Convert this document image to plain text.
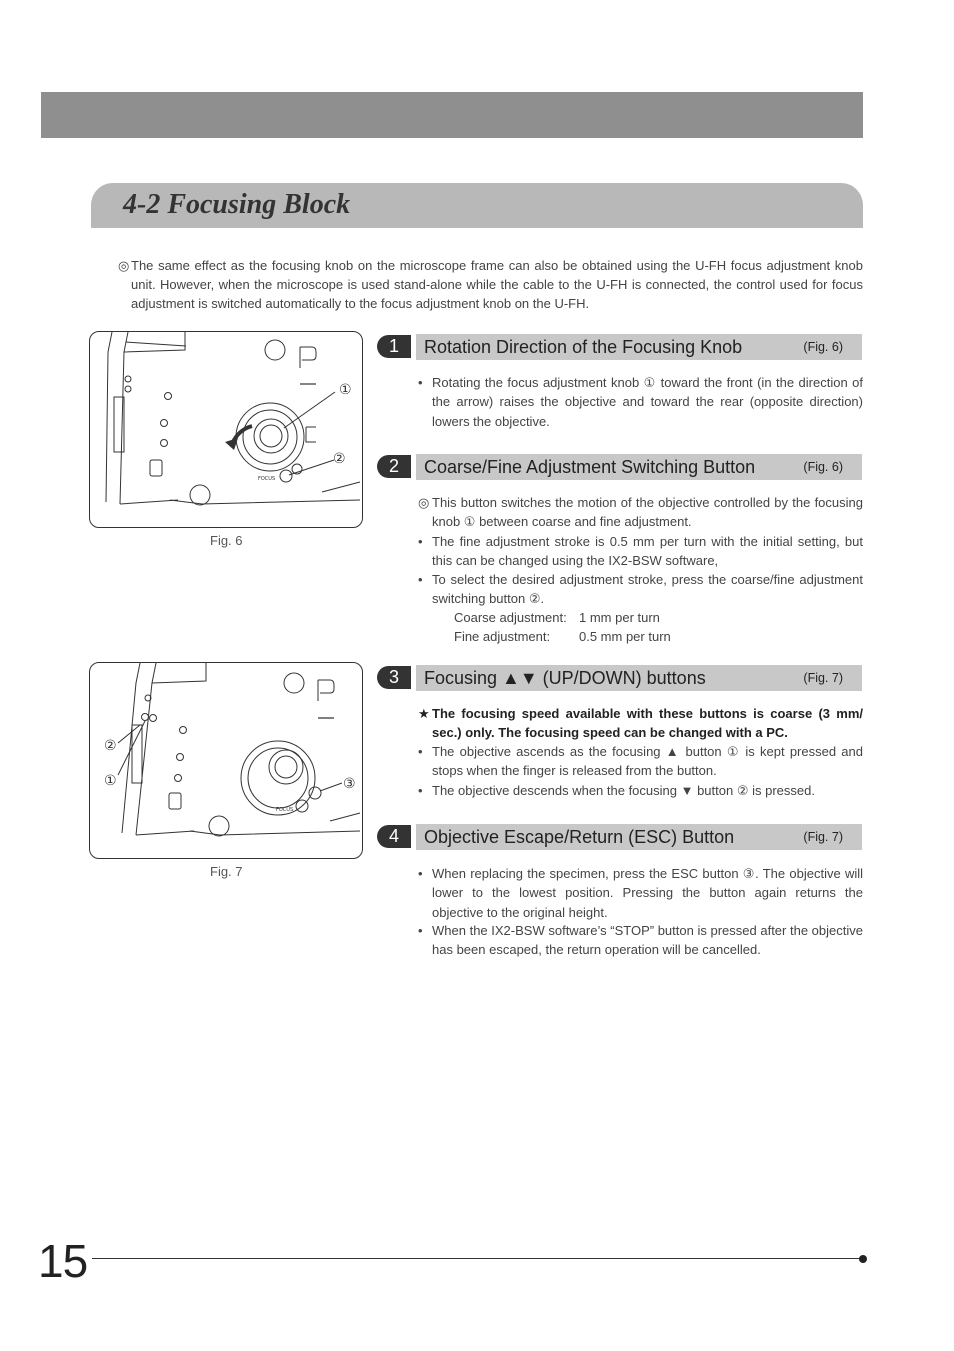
4-2 Focusing Block
◎ The same effect as the focusing knob on the microscope frame can also be obtained using the U-FH focus adjustment knob unit. However, when the microscope is used stand-alone while the cable to the U-FH is connected, the control used for focus adjustment is switched automatically to the focus adjustment knob on the U-FH.
FOCUS
①
②
Fig. 6
FOCUS
②
①	③
Fig. 7
1	Rotation Direction of the Focusing Knob	(Fig. 6)
• Rotating the focus adjustment knob ① toward the front (in the direction of the arrow) raises the objective and toward the rear (opposite direction) lowers the objective.
2	Coarse/Fine Adjustment Switching Button	(Fig. 6)
◎ This button switches the motion of the objective controlled by the focusing knob ① between coarse and fine adjustment.
• The fine adjustment stroke is 0.5 mm per turn with the initial setting, but this can be changed using the IX2-BSW software,
• To select the desired adjustment stroke, press the coarse/fine adjustment switching button ②.
Coarse adjustment: 1 mm per turn
Fine adjustment: 0.5 mm per turn
3	Focusing ▲▼ (UP/DOWN) buttons	(Fig. 7)
★ The focusing speed available with these buttons is coarse (3 mm/ sec.) only. The focusing speed can be changed with a PC.
• The objective ascends as the focusing ▲ button ① is kept pressed and stops when the finger is released from the button.
• The objective descends when the focusing ▼ button ② is pressed.
4	Objective Escape/Return (ESC) Button	(Fig. 7)
• When replacing the specimen, press the ESC button ③. The objective will lower to the lowest position. Pressing the button again returns the objective to the original height.
• When the IX2-BSW software’s “STOP” button is pressed after the objective has been escaped, the return operation will be cancelled.
15
